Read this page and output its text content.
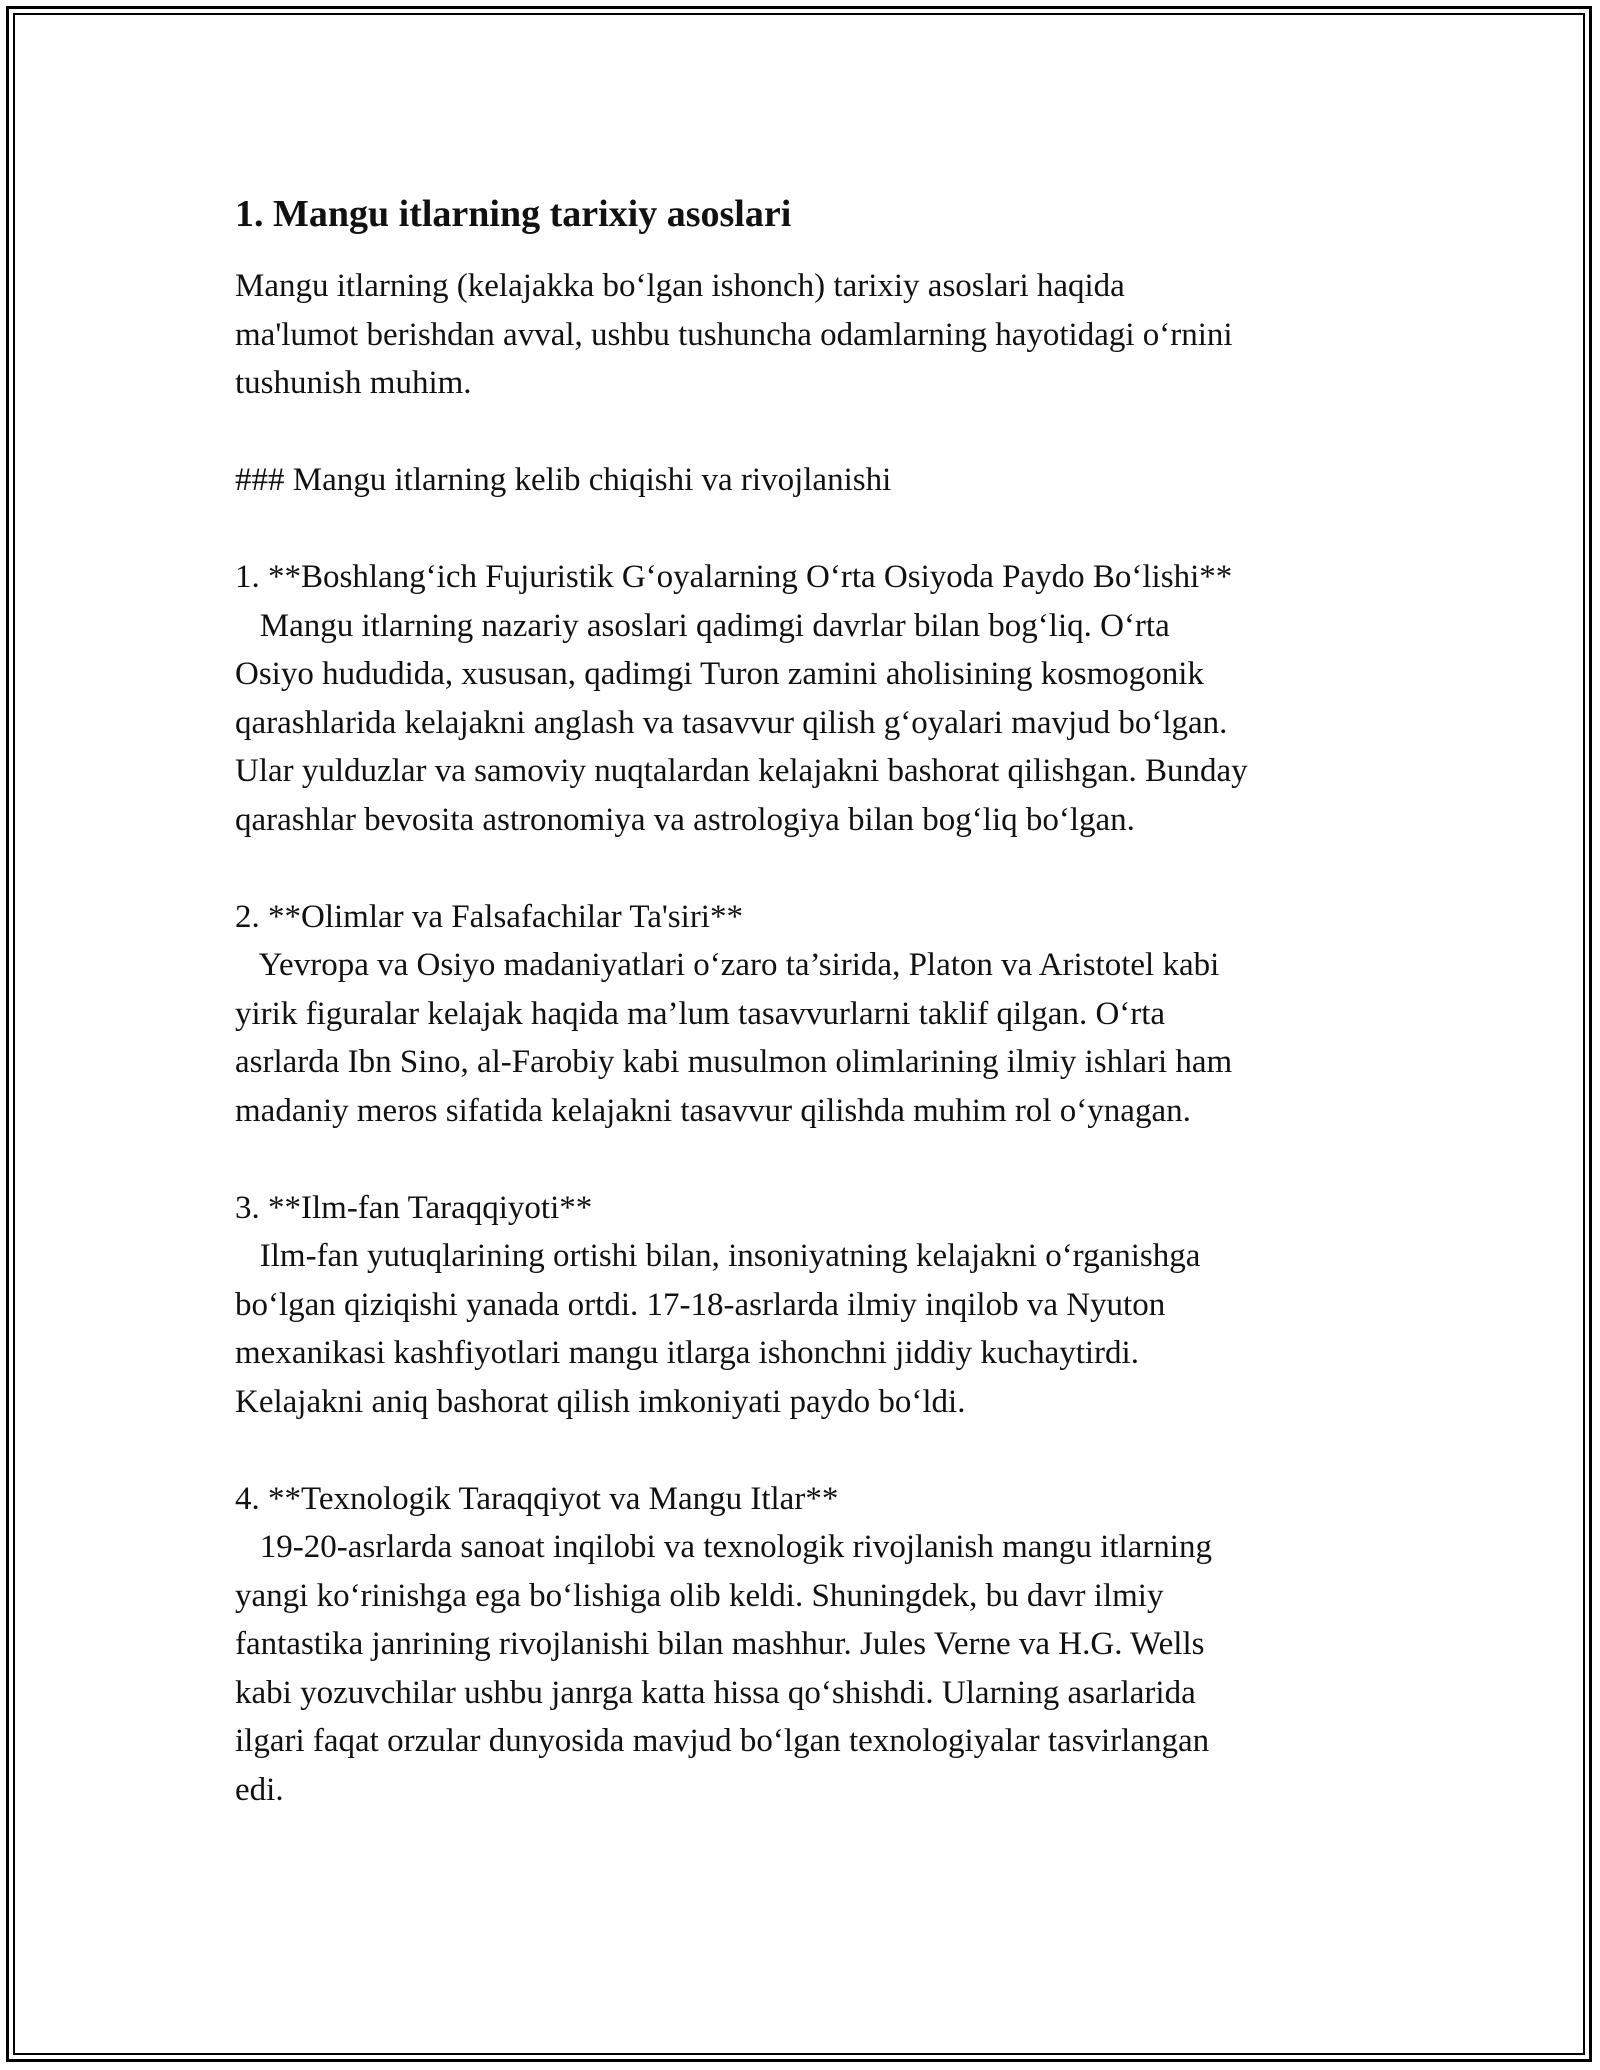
1. Mangu itlarning tarixiy asoslari

Mangu itlarning (kelajakka bo‘lgan ishonch) tarixiy asoslari haqida

ma'lumot berishdan avval, ushbu tushuncha odamlarning hayotidagi o‘rnini

tushunish muhim.

### Mangu itlarning kelib chiqishi va rivojlanishi

1. **Boshlang‘ich Fujuristik G‘oyalarning O‘rta Osiyoda Paydo Bo‘lishi**

Mangu itlarning nazariy asoslari qadimgi davrlar bilan bog‘liq. O‘rta

Osiyo hududida, xususan, qadimgi Turon zamini aholisining kosmogonik

qarashlarida kelajakni anglash va tasavvur qilish g‘oyalari mavjud bo‘lgan.

Ular yulduzlar va samoviy nuqtalardan kelajakni bashorat qilishgan. Bunday

qarashlar bevosita astronomiya va astrologiya bilan bog‘liq bo‘lgan.

2. **Olimlar va Falsafachilar Ta'siri**

Yevropa va Osiyo madaniyatlari o‘zaro ta’sirida, Platon va Aristotel kabi

yirik figuralar kelajak haqida ma’lum tasavvurlarni taklif qilgan. O‘rta

asrlarda Ibn Sino, al-Farobiy kabi musulmon olimlarining ilmiy ishlari ham

madaniy meros sifatida kelajakni tasavvur qilishda muhim rol o‘ynagan.

3. **Ilm-fan Taraqqiyoti**

Ilm-fan yutuqlarining ortishi bilan, insoniyatning kelajakni o‘rganishga

bo‘lgan qiziqishi yanada ortdi. 17-18-asrlarda ilmiy inqilob va Nyuton

mexanikasi kashfiyotlari mangu itlarga ishonchni jiddiy kuchaytirdi.

Kelajakni aniq bashorat qilish imkoniyati paydo bo‘ldi.

4. **Texnologik Taraqqiyot va Mangu Itlar**

19-20-asrlarda sanoat inqilobi va texnologik rivojlanish mangu itlarning

yangi ko‘rinishga ega bo‘lishiga olib keldi. Shuningdek, bu davr ilmiy

fantastika janrining rivojlanishi bilan mashhur. Jules Verne va H.G. Wells

kabi yozuvchilar ushbu janrga katta hissa qo‘shishdi. Ularning asarlarida

ilgari faqat orzular dunyosida mavjud bo‘lgan texnologiyalar tasvirlangan

edi.
